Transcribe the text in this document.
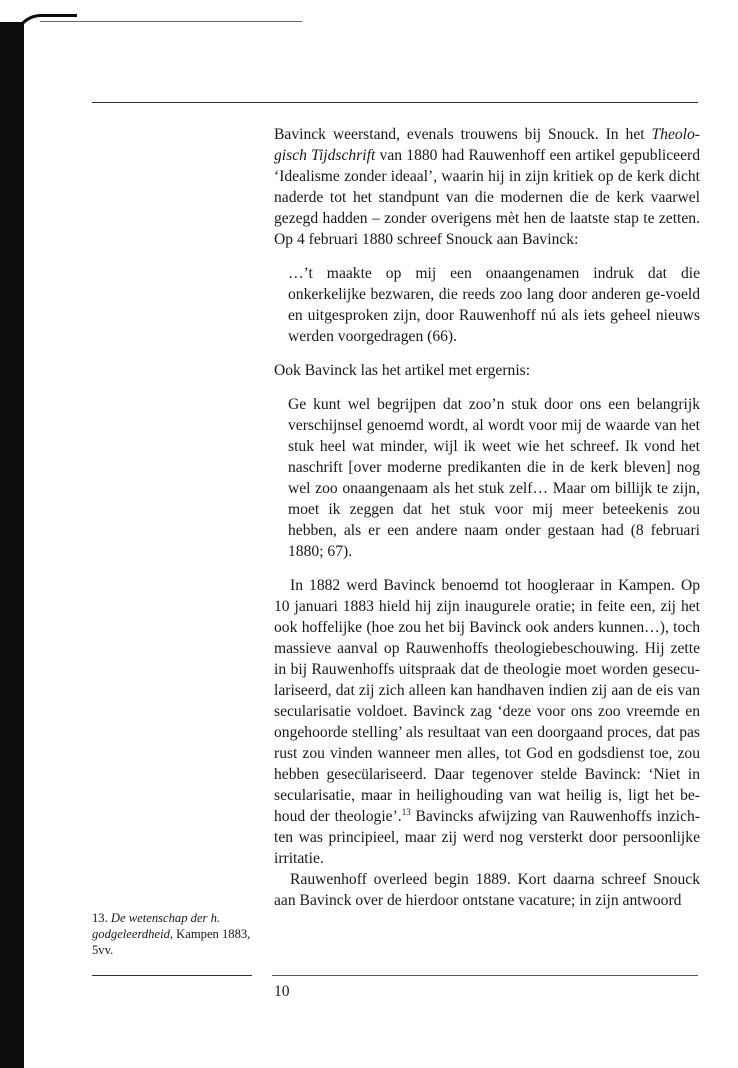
Bavinck weerstand, evenals trouwens bij Snouck. In het Theolo-gisch Tijdschrift van 1880 had Rauwenhoff een artikel gepubliceerd ‘Idealisme zonder ideaal’, waarin hij in zijn kritiek op de kerk dicht naderde tot het standpunt van die modernen die de kerk vaarwel gezegd hadden – zonder overigens mèt hen de laatste stap te zetten. Op 4 februari 1880 schreef Snouck aan Bavinck:

…’t maakte op mij een onaangenamen indruk dat die onkerkelijke bezwaren, die reeds zoo lang door anderen ge-voeld en uitgesproken zijn, door Rauwenhoff nú als iets geheel nieuws werden voorgedragen (66).

Ook Bavinck las het artikel met ergernis:

Ge kunt wel begrijpen dat zoo’n stuk door ons een belangrijk verschijnsel genoemd wordt, al wordt voor mij de waarde van het stuk heel wat minder, wijl ik weet wie het schreef. Ik vond het naschrift [over moderne predikanten die in de kerk bleven] nog wel zoo onaangenaam als het stuk zelf… Maar om billijk te zijn, moet ik zeggen dat het stuk voor mij meer beteekenis zou hebben, als er een andere naam onder gestaan had (8 februari 1880; 67).

In 1882 werd Bavinck benoemd tot hoogleraar in Kampen. Op 10 januari 1883 hield hij zijn inaugurele oratie; in feite een, zij het ook hoffelijke (hoe zou het bij Bavinck ook anders kunnen…), toch massieve aanval op Rauwenhoffs theologiebeschouwing. Hij zette in bij Rauwenhoffs uitspraak dat de theologie moet worden gesecu-lariseerd, dat zij zich alleen kan handhaven indien zij aan de eis van secularisatie voldoet. Bavinck zag ‘deze voor ons zoo vreemde en ongehoorde stelling’ als resultaat van een doorgaand proces, dat pas rust zou vinden wanneer men alles, tot God en godsdienst toe, zou hebben gesecülariseerd. Daar tegenover stelde Bavinck: ‘Niet in secularisatie, maar in heilighouding van wat heilig is, ligt het be-houd der theologie’.$^{13}$ Bavincks afwijzing van Rauwenhoffs inzich-ten was principieel, maar zij werd nog versterkt door persoonlijke irritatie.

Rauwenhoff overleed begin 1889. Kort daarna schreef Snouck aan Bavinck over de hierdoor ontstane vacature; in zijn antwoord

13. De wetenschap der h. godgeleerdheid, Kampen 1883, 5vv.
10
